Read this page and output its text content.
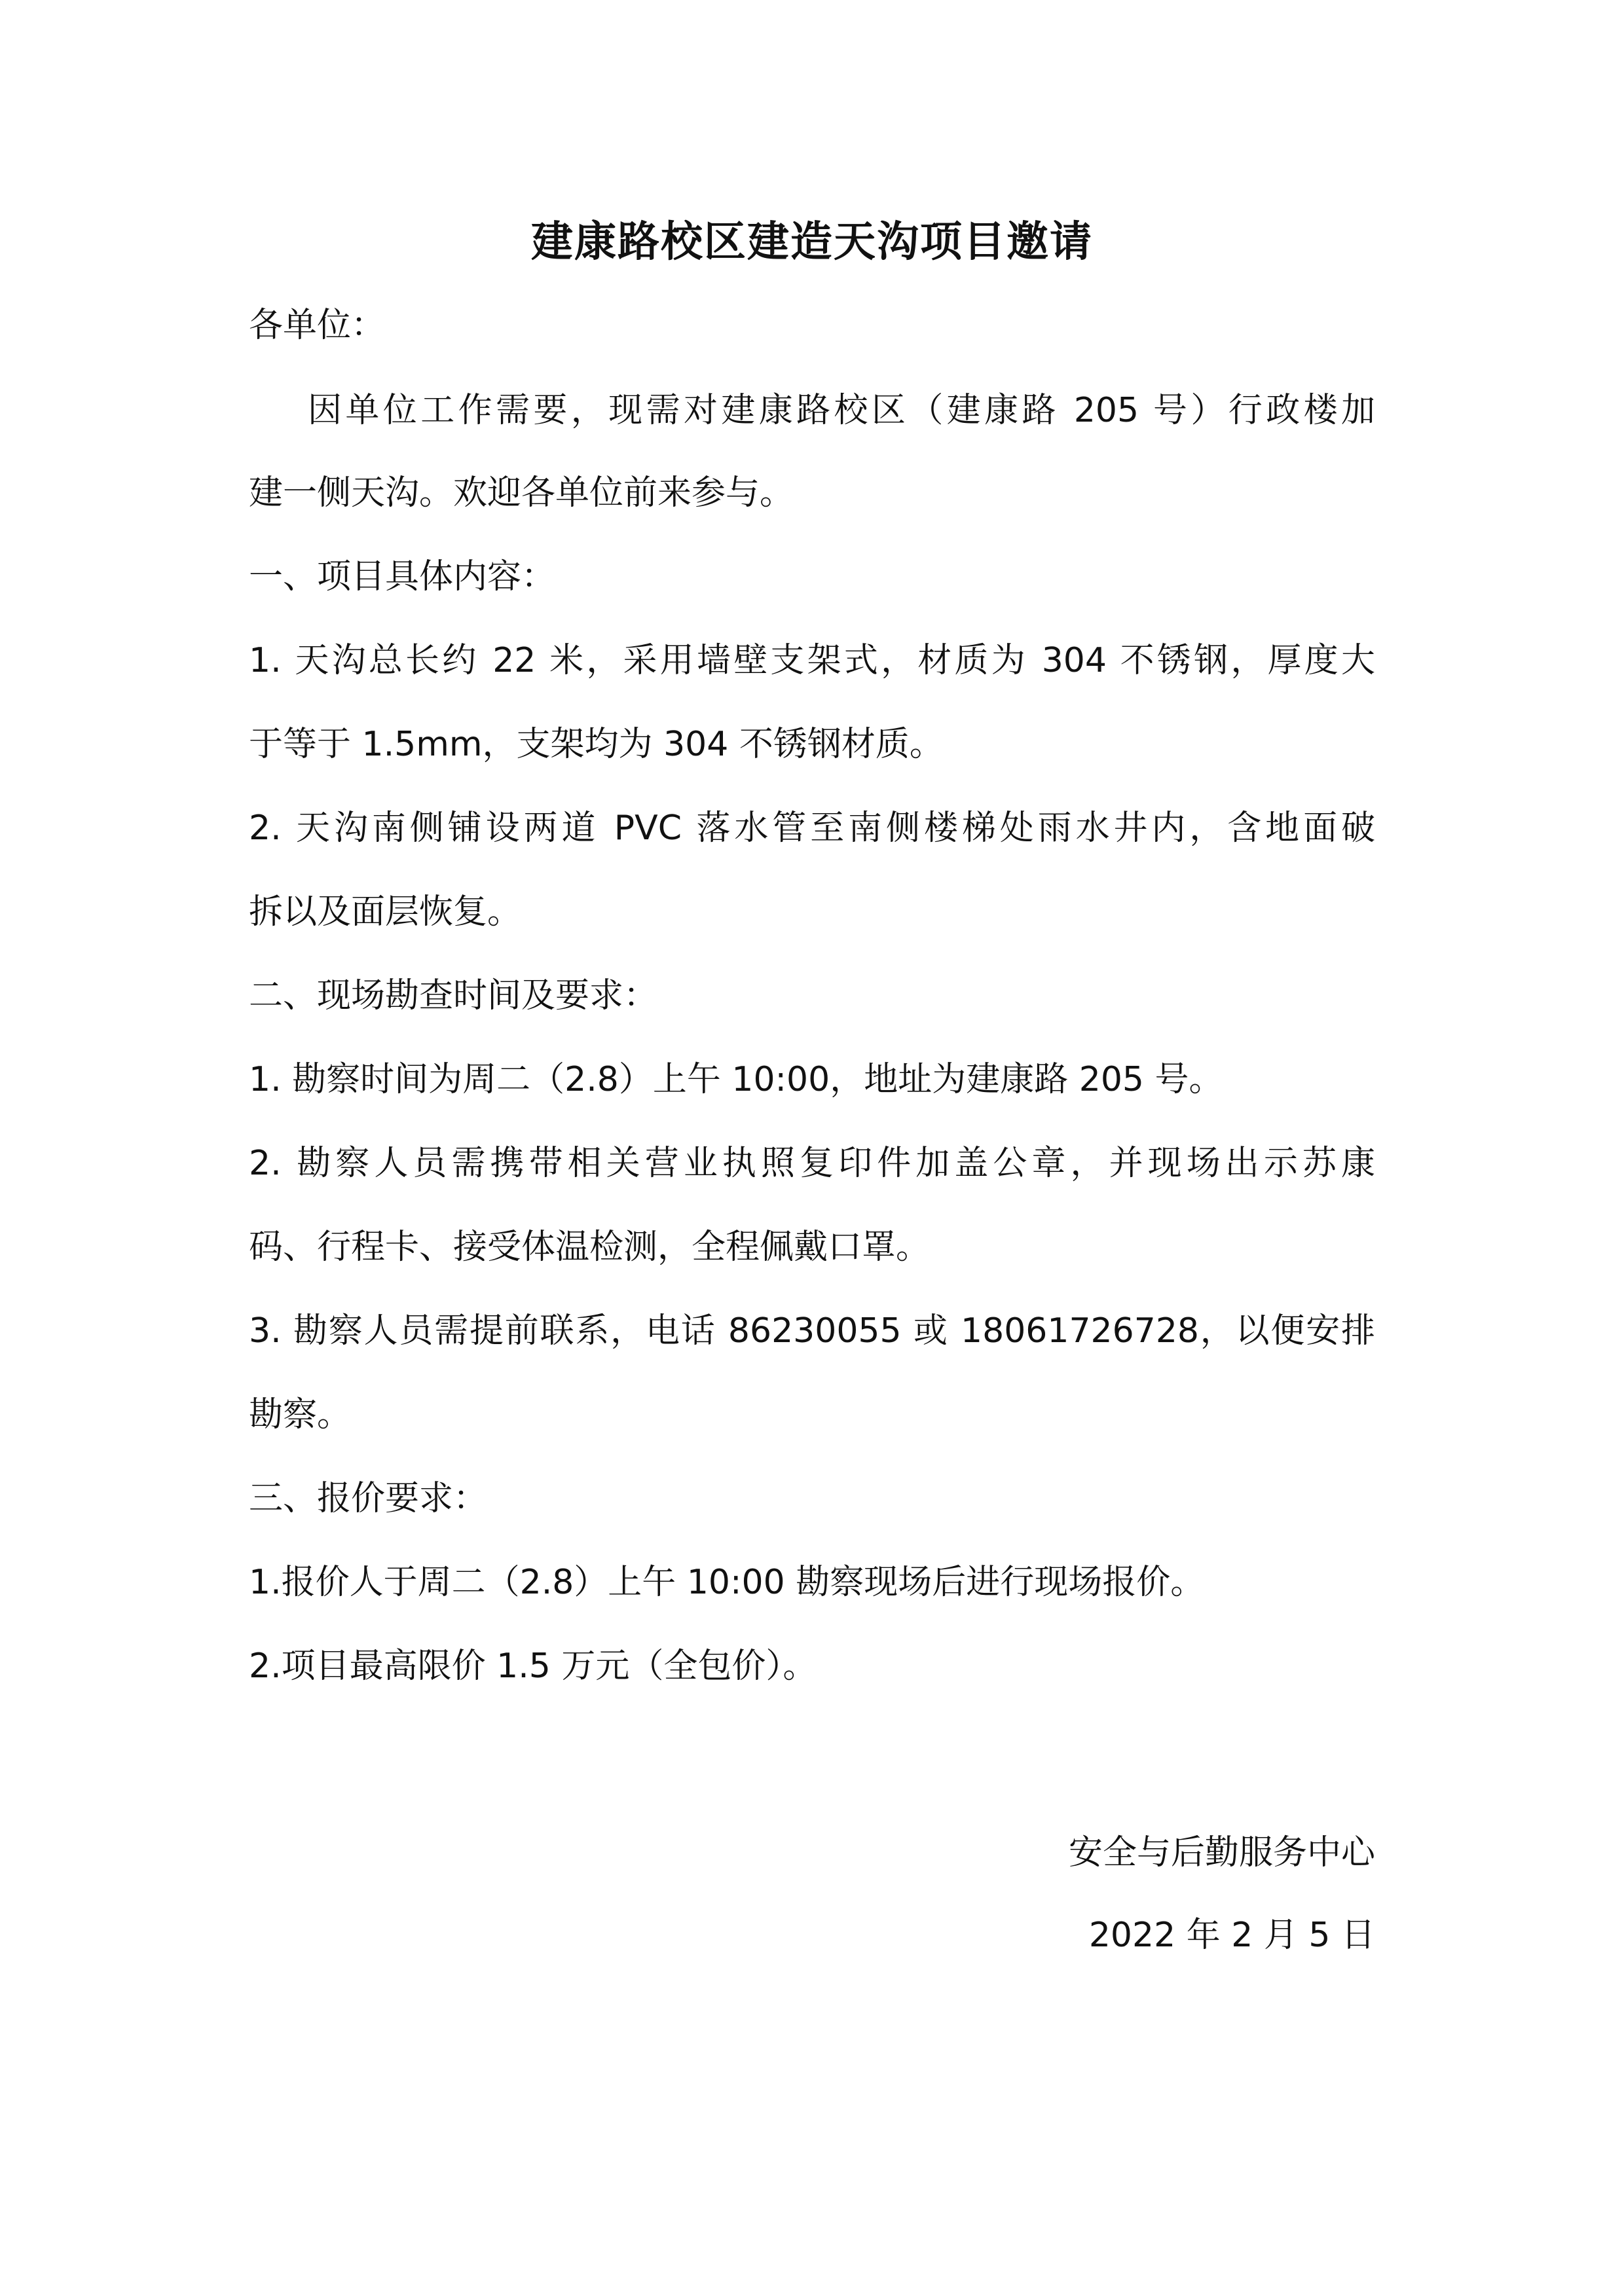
建康路校区建造天沟项目邀请
各单位：
因单位工作需要，现需对建康路校区（建康路 205 号）行政楼加
建一侧天沟。欢迎各单位前来参与。
一、项目具体内容：
1. 天沟总长约 22 米，采用墙壁支架式，材质为 304 不锈钢，厚度大
于等于 1.5mm，支架均为 304 不锈钢材质。
2. 天沟南侧铺设两道 PVC 落水管至南侧楼梯处雨水井内，含地面破
拆以及面层恢复。
二、现场勘查时间及要求：
1. 勘察时间为周二（2.8）上午 10:00，地址为建康路 205 号。
2. 勘察人员需携带相关营业执照复印件加盖公章，并现场出示苏康
码、行程卡、接受体温检测，全程佩戴口罩。
3. 勘察人员需提前联系，电话 86230055 或 18061726728，以便安排
勘察。
三、报价要求：
1.报价人于周二（2.8）上午 10:00 勘察现场后进行现场报价。
2.项目最高限价 1.5 万元（全包价）。
安全与后勤服务中心
2022 年 2 月 5 日
